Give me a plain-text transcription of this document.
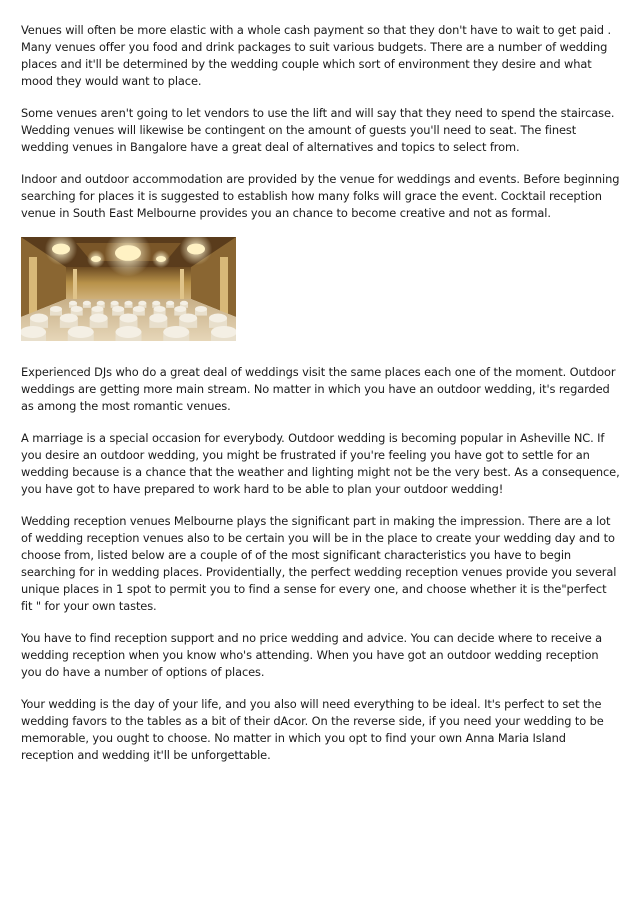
Venues will often be more elastic with a whole cash payment so that they don't have to wait to get paid . Many venues offer you food and drink packages to suit various budgets. There are a number of wedding places and it'll be determined by the wedding couple which sort of environment they desire and what mood they would want to place.

Some venues aren't going to let vendors to use the lift and will say that they need to spend the staircase. Wedding venues will likewise be contingent on the amount of guests you'll need to seat. The finest wedding venues in Bangalore have a great deal of alternatives and topics to select from.

Indoor and outdoor accommodation are provided by the venue for weddings and events. Before beginning searching for places it is suggested to establish how many folks will grace the event. Cocktail reception venue in South East Melbourne provides you an chance to become creative and not as formal.

Experienced DJs who do a great deal of weddings visit the same places each one of the moment. Outdoor weddings are getting more main stream. No matter in which you have an outdoor wedding, it's regarded as among the most romantic venues.

A marriage is a special occasion for everybody. Outdoor wedding is becoming popular in Asheville NC. If you desire an outdoor wedding, you might be frustrated if you're feeling you have got to settle for an wedding because is a chance that the weather and lighting might not be the very best. As a consequence, you have got to have prepared to work hard to be able to plan your outdoor wedding!

Wedding reception venues Melbourne plays the significant part in making the impression. There are a lot of wedding reception venues also to be certain you will be in the place to create your wedding day and to choose from, listed below are a couple of of the most significant characteristics you have to begin searching for in wedding places. Providentially, the perfect wedding reception venues provide you several unique places in 1 spot to permit you to find a sense for every one, and choose whether it is the"perfect fit " for your own tastes.

You have to find reception support and no price wedding and advice. You can decide where to receive a wedding reception when you know who's attending. When you have got an outdoor wedding reception you do have a number of options of places.

Your wedding is the day of your life, and you also will need everything to be ideal. It's perfect to set the wedding favors to the tables as a bit of their dAcor. On the reverse side, if you need your wedding to be memorable, you ought to choose. No matter in which you opt to find your own Anna Maria Island reception and wedding it'll be unforgettable.
